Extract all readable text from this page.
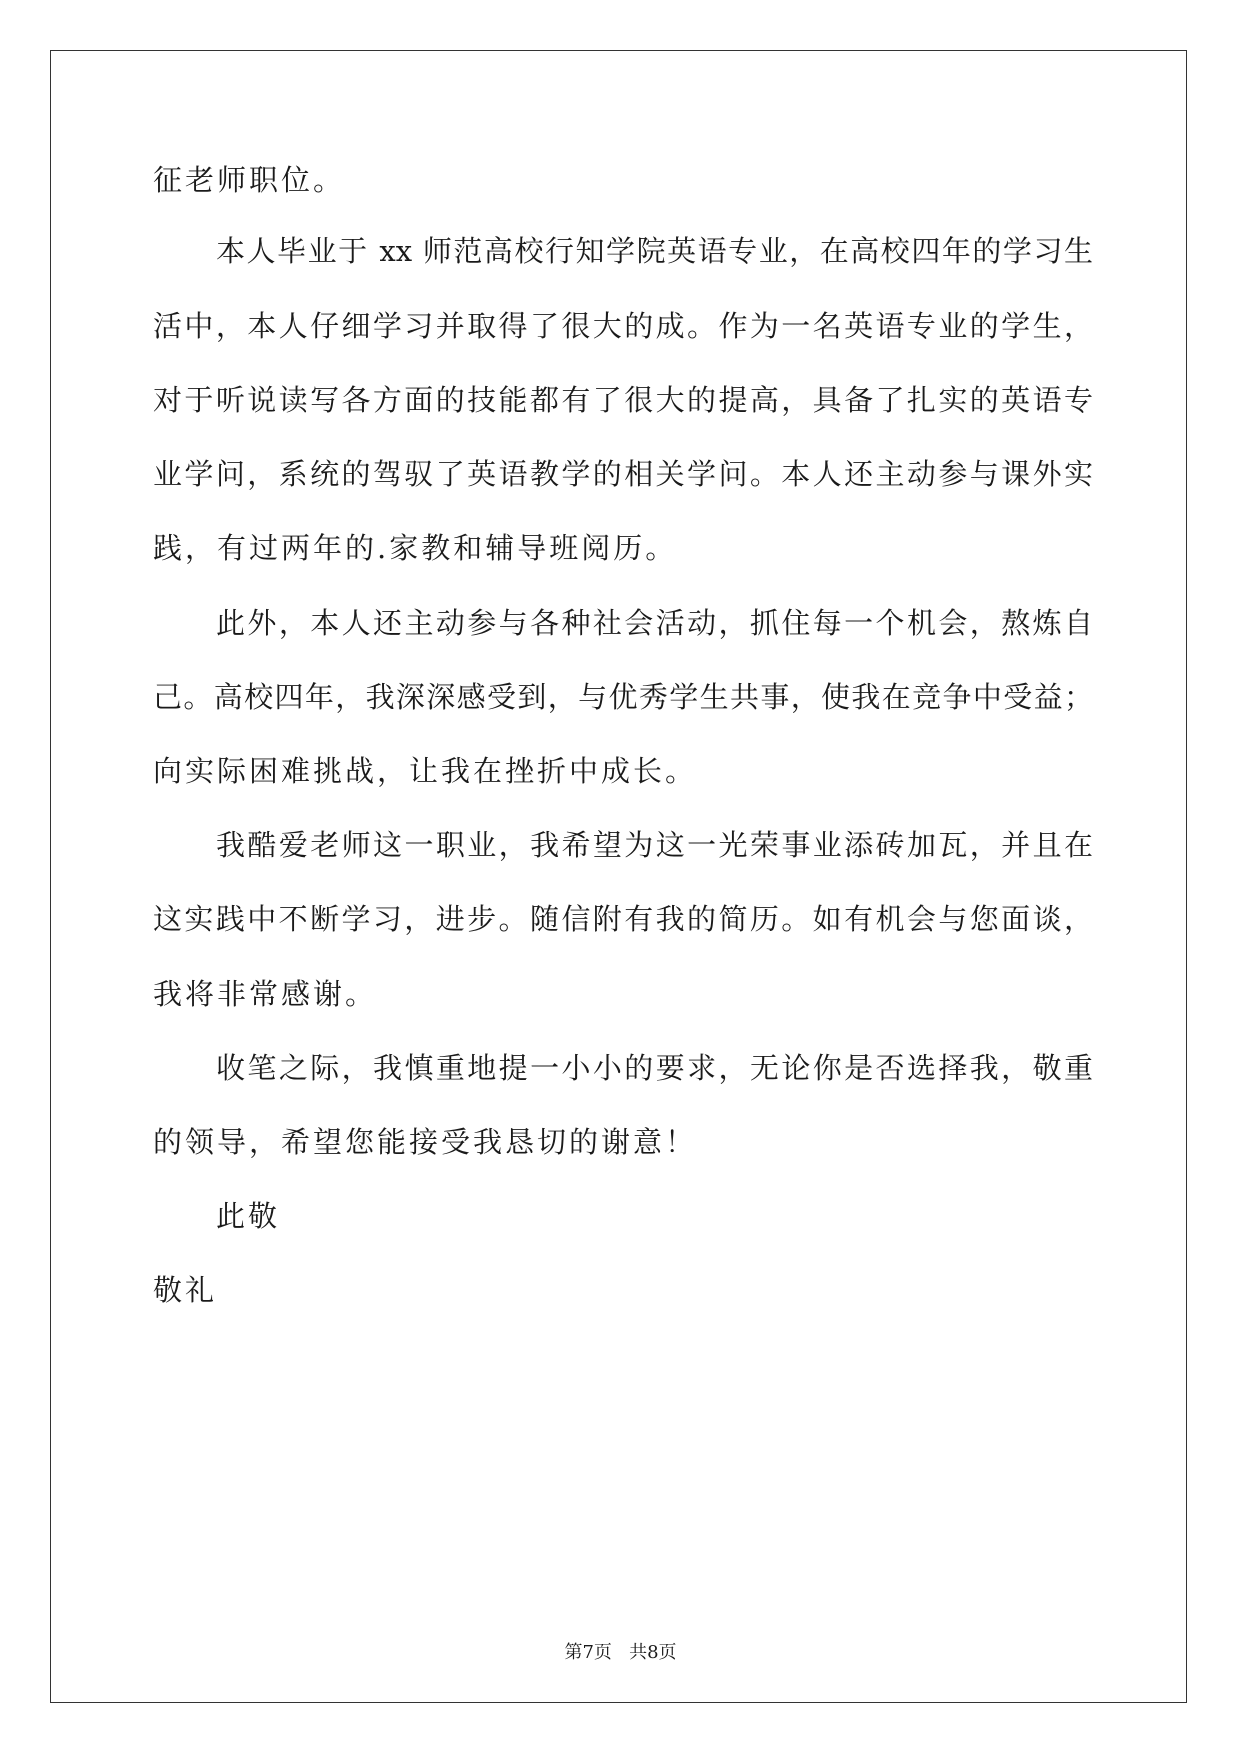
征老师职位。
本人毕业于 xx 师范高校行知学院英语专业，在高校四年的学习生
活中，本人仔细学习并取得了很大的成。作为一名英语专业的学生，
对于听说读写各方面的技能都有了很大的提高，具备了扎实的英语专
业学问，系统的驾驭了英语教学的相关学问。本人还主动参与课外实
践，有过两年的.家教和辅导班阅历。
此外，本人还主动参与各种社会活动，抓住每一个机会，熬炼自
己。高校四年，我深深感受到，与优秀学生共事，使我在竞争中受益；
向实际困难挑战，让我在挫折中成长。
我酷爱老师这一职业，我希望为这一光荣事业添砖加瓦，并且在
这实践中不断学习，进步。随信附有我的简历。如有机会与您面谈，
我将非常感谢。
收笔之际，我慎重地提一小小的要求，无论你是否选择我，敬重
的领导，希望您能接受我恳切的谢意！
此敬
敬礼
第7页   共8页
